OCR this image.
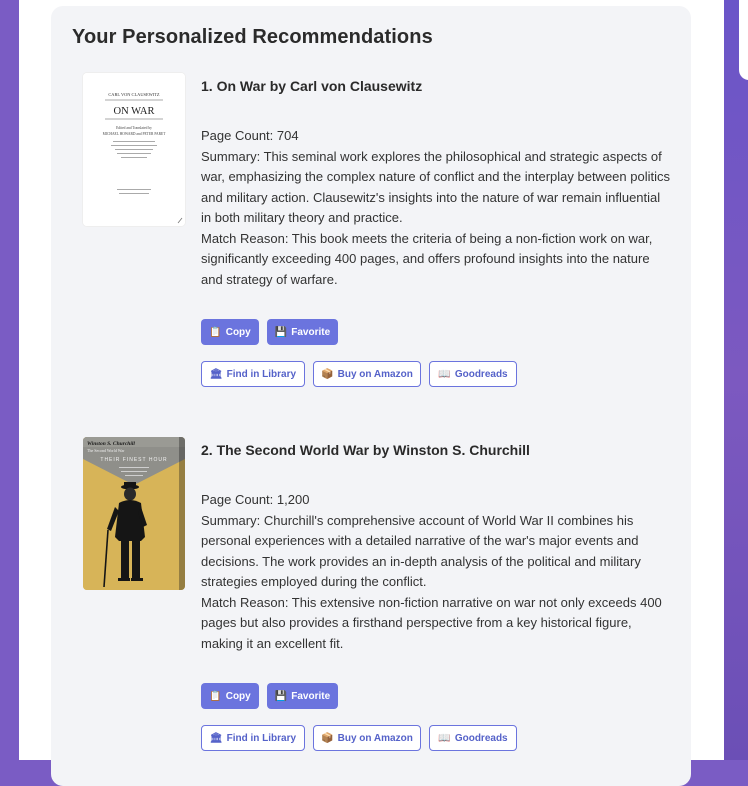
Your Personalized Recommendations
CARL VON CLAUSEWITZ
ON WAR
Edited and Translated by
MICHAEL HOWARD and PETER PARET
1. On War by Carl von Clausewitz

Page Count: 704

Summary: This seminal work explores the philosophical and strategic aspects of war, emphasizing the complex nature of conflict and the interplay between politics and military action. Clausewitz's insights into the nature of war remain influential in both military theory and practice.

Match Reason: This book meets the criteria of being a non-fiction work on war, significantly exceeding 400 pages, and offers profound insights into the nature and strategy of warfare.

📋 Copy 💾 Favorite
🏛 Find in Library	📦 Buy on Amazon	📖 Goodreads
Winston S. Churchill
The Second World War
THEIR FINEST HOUR
2. The Second World War by Winston S. Churchill

Page Count: 1,200

Summary: Churchill's comprehensive account of World War II combines his personal experiences with a detailed narrative of the war's major events and decisions. The work provides an in-depth analysis of the political and military strategies employed during the conflict.

Match Reason: This extensive non-fiction narrative on war not only exceeds 400 pages but also provides a firsthand perspective from a key historical figure, making it an excellent fit.

📋 Copy 💾 Favorite
🏛 Find in Library	📦 Buy on Amazon	📖 Goodreads
